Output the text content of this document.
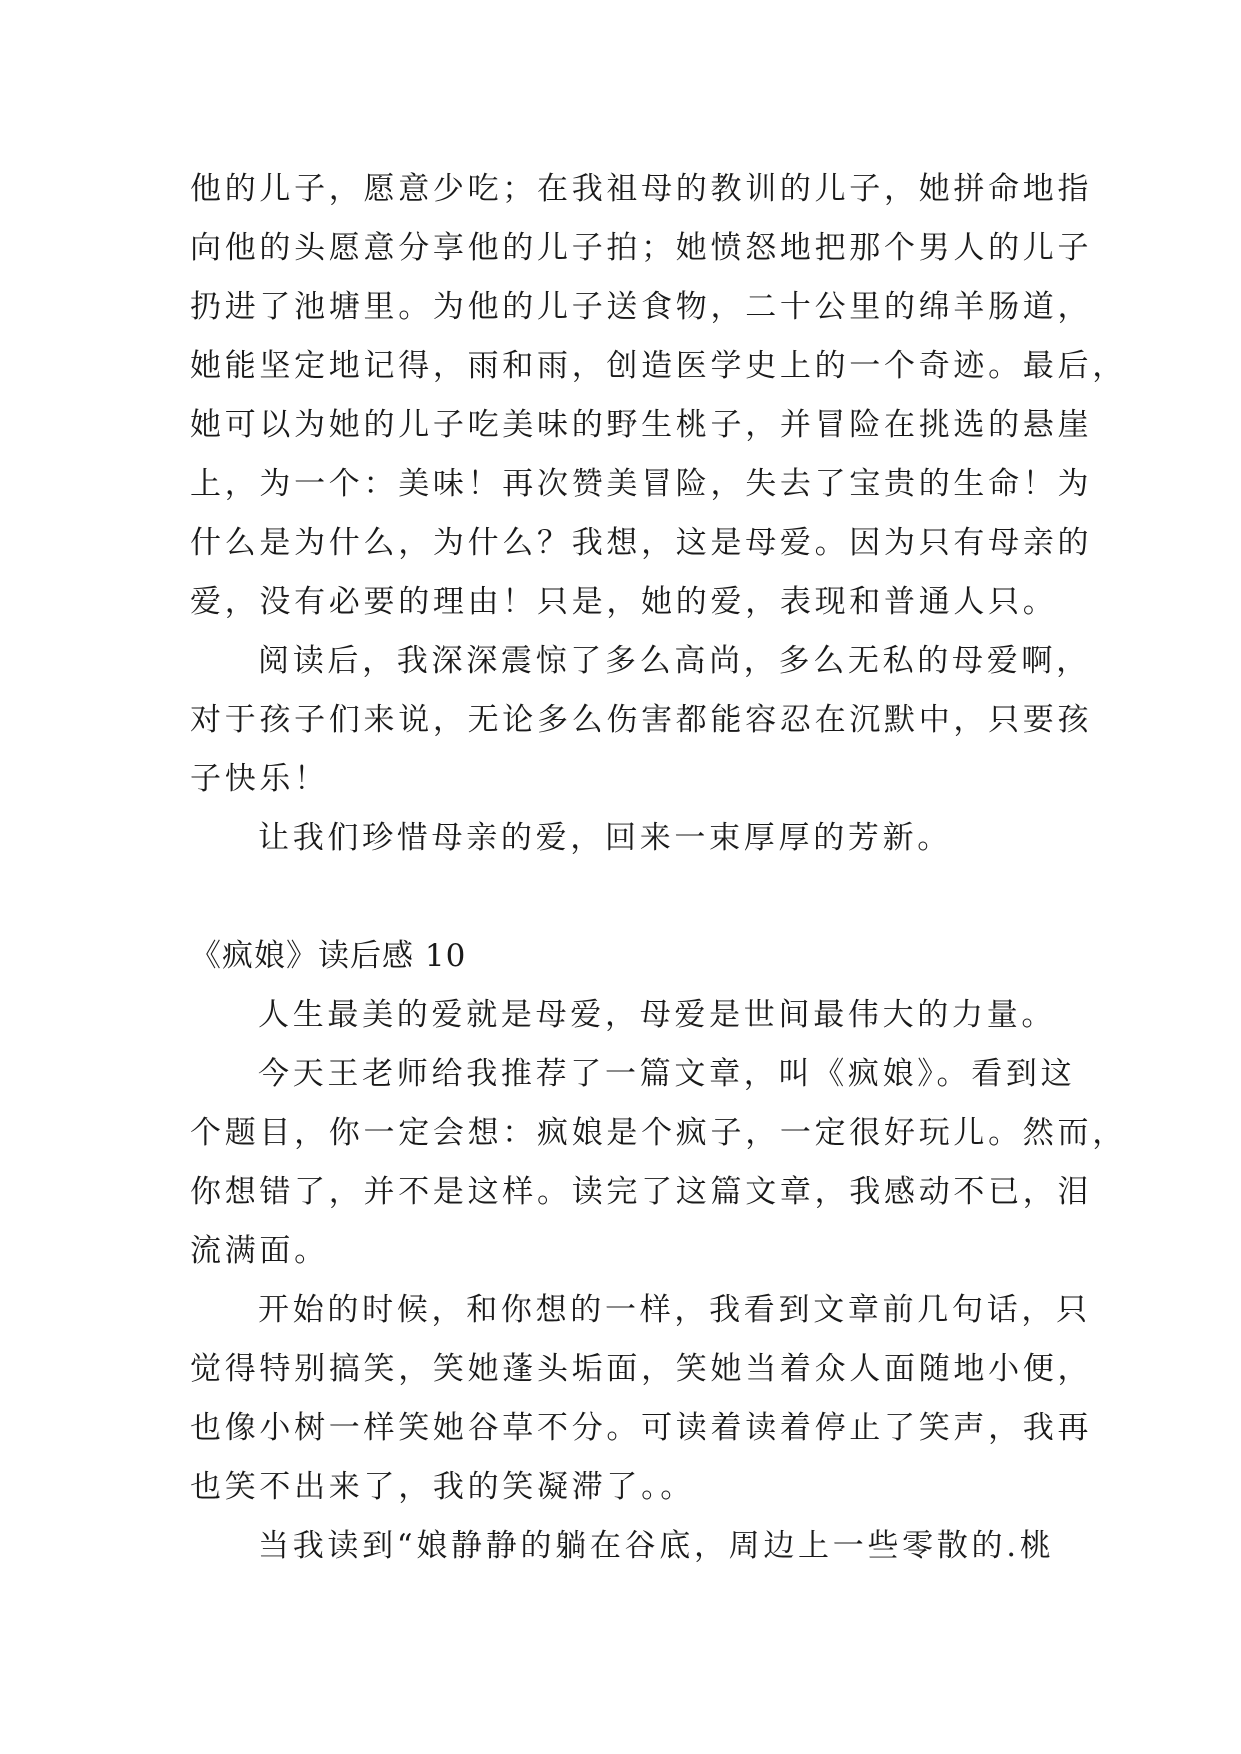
他的儿子，愿意少吃；在我祖母的教训的儿子，她拼命地指
向他的头愿意分享他的儿子拍；她愤怒地把那个男人的儿子
扔进了池塘里。为他的儿子送食物，二十公里的绵羊肠道，
她能坚定地记得，雨和雨，创造医学史上的一个奇迹。最后，
她可以为她的儿子吃美味的野生桃子，并冒险在挑选的悬崖
上，为一个：美味！再次赞美冒险，失去了宝贵的生命！为
什么是为什么，为什么？我想，这是母爱。因为只有母亲的
爱，没有必要的理由！只是，她的爱，表现和普通人只。
阅读后，我深深震惊了多么高尚，多么无私的母爱啊，
对于孩子们来说，无论多么伤害都能容忍在沉默中，只要孩
子快乐！
让我们珍惜母亲的爱，回来一束厚厚的芳新。
《疯娘》读后感 10
人生最美的爱就是母爱，母爱是世间最伟大的力量。
今天王老师给我推荐了一篇文章，叫《疯娘》。看到这
个题目，你一定会想：疯娘是个疯子，一定很好玩儿。然而，
你想错了，并不是这样。读完了这篇文章，我感动不已，泪
流满面。
开始的时候，和你想的一样，我看到文章前几句话，只
觉得特别搞笑，笑她蓬头垢面，笑她当着众人面随地小便，
也像小树一样笑她谷草不分。可读着读着停止了笑声，我再
也笑不出来了，我的笑凝滞了。。
当我读到“娘静静的躺在谷底，周边上一些零散的.桃
